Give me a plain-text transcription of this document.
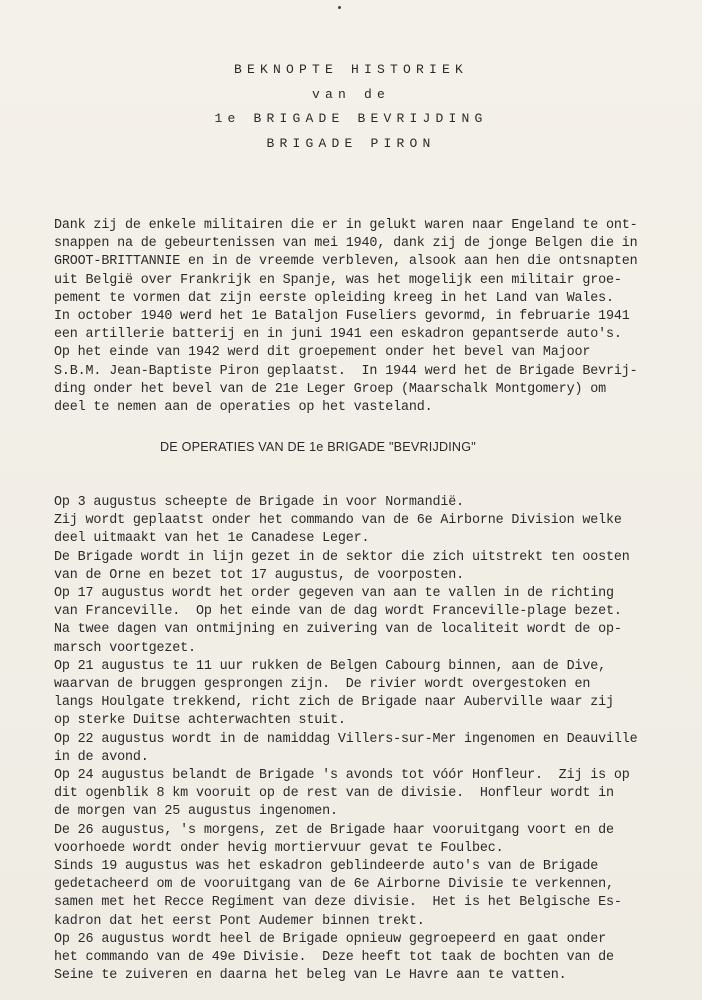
BEKNOPTE HISTORIEK
van de
1e BRIGADE BEVRIJDING
BRIGADE PIRON
Dank zij de enkele militairen die er in gelukt waren naar Engeland te ont-
snappen na de gebeurtenissen van mei 1940, dank zij de jonge Belgen die in
GROOT-BRITTANNIE en in de vreemde verbleven, alsook aan hen die ontsnapten
uit België over Frankrijk en Spanje, was het mogelijk een militair groe-
pement te vormen dat zijn eerste opleiding kreeg in het Land van Wales.
In october 1940 werd het 1e Bataljon Fuseliers gevormd, in februarie 1941
een artillerie batterij en in juni 1941 een eskadron gepantserde auto's.
Op het einde van 1942 werd dit groepement onder het bevel van Majoor
S.B.M. Jean-Baptiste Piron geplaatst.  In 1944 werd het de Brigade Bevrij-
ding onder het bevel van de 21e Leger Groep (Maarschalk Montgomery) om
deel te nemen aan de operaties op het vasteland.
DE OPERATIES VAN DE 1e BRIGADE "BEVRIJDING"
Op 3 augustus scheepte de Brigade in voor Normandië.
Zij wordt geplaatst onder het commando van de 6e Airborne Division welke
deel uitmaakt van het 1e Canadese Leger.
De Brigade wordt in lijn gezet in de sektor die zich uitstrekt ten oosten
van de Orne en bezet tot 17 augustus, de voorposten.
Op 17 augustus wordt het order gegeven van aan te vallen in de richting
van Franceville.  Op het einde van de dag wordt Franceville-plage bezet.
Na twee dagen van ontmijning en zuivering van de localiteit wordt de op-
marsch voortgezet.
Op 21 augustus te 11 uur rukken de Belgen Cabourg binnen, aan de Dive,
waarvan de bruggen gesprongen zijn.  De rivier wordt overgestoken en
langs Houlgate trekkend, richt zich de Brigade naar Auberville waar zij
op sterke Duitse achterwachten stuit.
Op 22 augustus wordt in de namiddag Villers-sur-Mer ingenomen en Deauville
in de avond.
Op 24 augustus belandt de Brigade 's avonds tot vóór Honfleur.  Zij is op
dit ogenblik 8 km vooruit op de rest van de divisie.  Honfleur wordt in
de morgen van 25 augustus ingenomen.
De 26 augustus, 's morgens, zet de Brigade haar vooruitgang voort en de
voorhoede wordt onder hevig mortiervuur gevat te Foulbec.
Sinds 19 augustus was het eskadron geblindeerde auto's van de Brigade
gedetacheerd om de vooruitgang van de 6e Airborne Divisie te verkennen,
samen met het Recce Regiment van deze divisie.  Het is het Belgische Es-
kadron dat het eerst Pont Audemer binnen trekt.
Op 26 augustus wordt heel de Brigade opnieuw gegroepeerd en gaat onder
het commando van de 49e Divisie.  Deze heeft tot taak de bochten van de
Seine te zuiveren en daarna het beleg van Le Havre aan te vatten.
